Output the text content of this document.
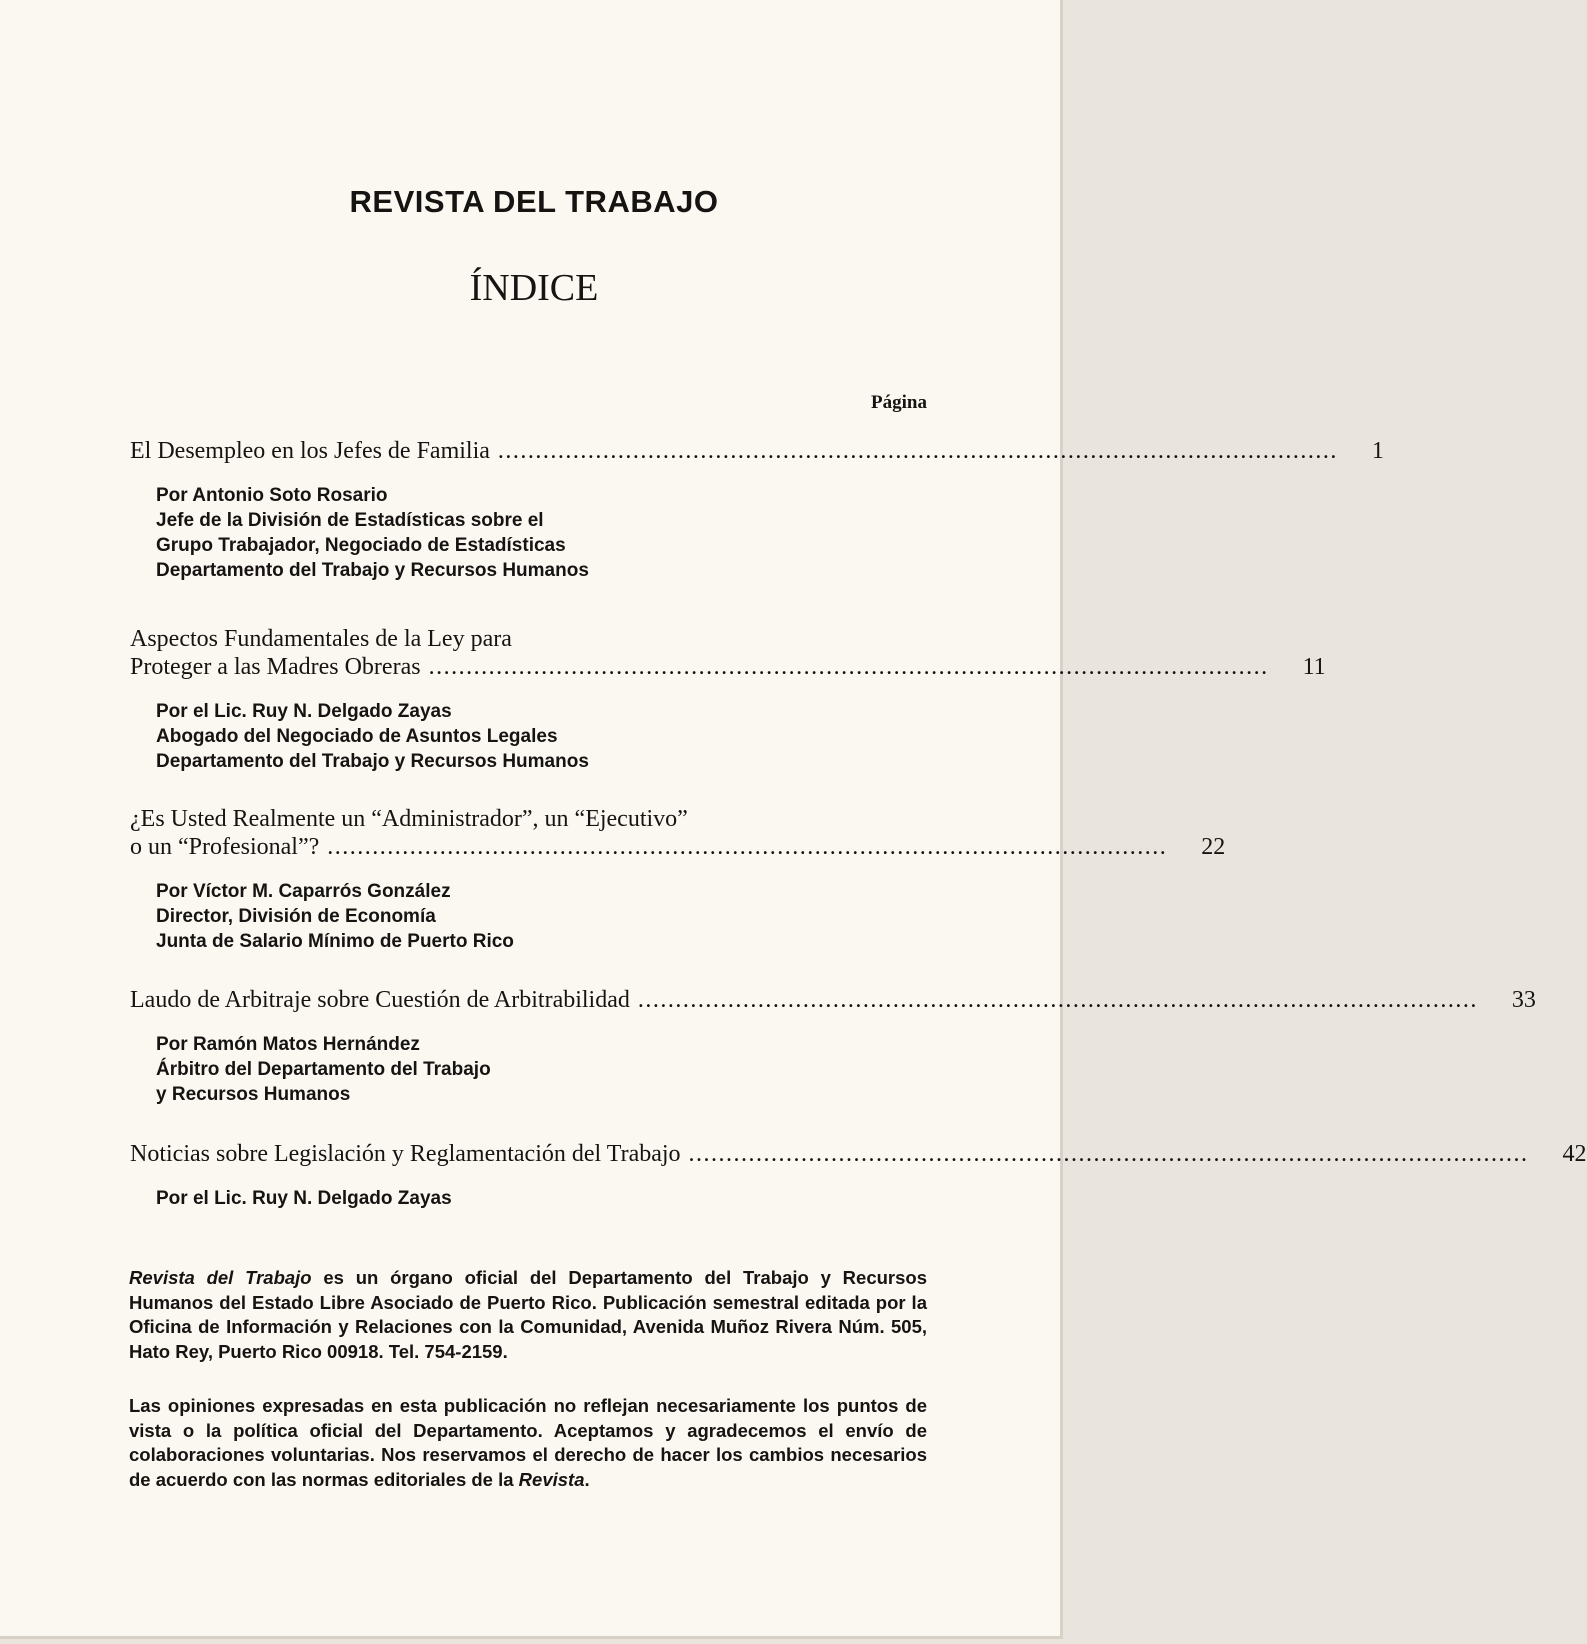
REVISTA DEL TRABAJO
ÍNDICE
Página
El Desempleo en los Jefes de Familia ................................................................................................................ 1
Por Antonio Soto Rosario
Jefe de la División de Estadísticas sobre el
Grupo Trabajador, Negociado de Estadísticas
Departamento del Trabajo y Recursos Humanos
Aspectos Fundamentales de la Ley para
Proteger a las Madres Obreras ................................................................................................................ 11
Por el Lic. Ruy N. Delgado Zayas
Abogado del Negociado de Asuntos Legales
Departamento del Trabajo y Recursos Humanos
¿Es Usted Realmente un “Administrador”, un “Ejecutivo”
o un “Profesional”? ................................................................................................................ 22
Por Víctor M. Caparrós González
Director, División de Economía
Junta de Salario Mínimo de Puerto Rico
Laudo de Arbitraje sobre Cuestión de Arbitrabilidad ................................................................................................................ 33
Por Ramón Matos Hernández
Árbitro del Departamento del Trabajo
y Recursos Humanos
Noticias sobre Legislación y Reglamentación del Trabajo ................................................................................................................ 42
Por el Lic. Ruy N. Delgado Zayas
Revista del Trabajo es un órgano oficial del Departamento del Trabajo y Recursos Humanos del Estado Libre Asociado de Puerto Rico. Publicación semestral editada por la Oficina de Información y Relaciones con la Comunidad, Avenida Muñoz Rivera Núm. 505, Hato Rey, Puerto Rico 00918. Tel. 754-2159.
Las opiniones expresadas en esta publicación no reflejan necesariamente los puntos de vista o la política oficial del Departamento. Aceptamos y agradecemos el envío de colaboraciones voluntarias. Nos reservamos el derecho de hacer los cambios necesarios de acuerdo con las normas editoriales de la Revista.
